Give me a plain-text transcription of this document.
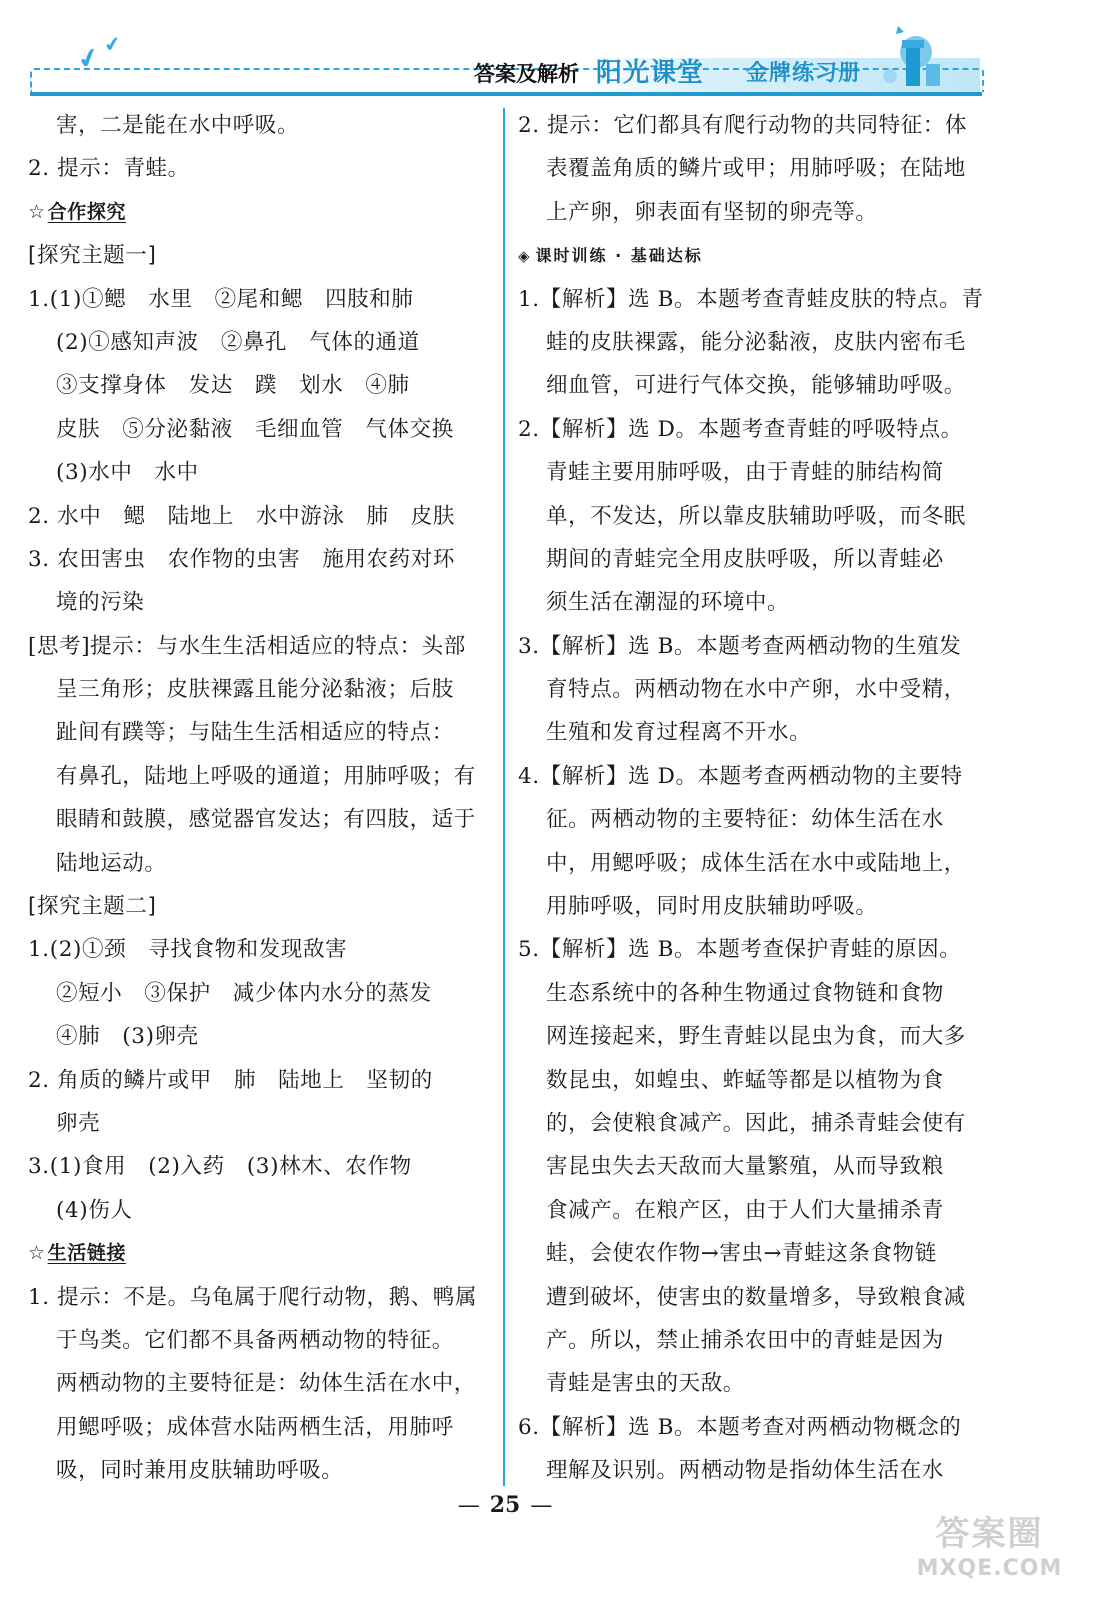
✔
✔
答案及解析 阳光课堂 金牌练习册
害，二是能在水中呼吸。
2. 提示：青蛙。
☆ 合作探究
[探究主题一]
1.(1)①鳃　水里　②尾和鳃　四肢和肺
(2)①感知声波　②鼻孔　气体的通道
③支撑身体　发达　蹼　划水　④肺
皮肤　⑤分泌黏液　毛细血管　气体交换
(3)水中　水中
2. 水中　鳃　陆地上　水中游泳　肺　皮肤
3. 农田害虫　农作物的虫害　施用农药对环
境的污染
[思考]提示：与水生生活相适应的特点：头部
呈三角形；皮肤裸露且能分泌黏液；后肢
趾间有蹼等；与陆生生活相适应的特点：
有鼻孔，陆地上呼吸的通道；用肺呼吸；有
眼睛和鼓膜，感觉器官发达；有四肢，适于
陆地运动。
[探究主题二]
1.(2)①颈　寻找食物和发现敌害
②短小　③保护　减少体内水分的蒸发
④肺　(3)卵壳
2. 角质的鳞片或甲　肺　陆地上　坚韧的
卵壳
3.(1)食用　(2)入药　(3)林木、农作物
(4)伤人
☆ 生活链接
1. 提示：不是。乌龟属于爬行动物，鹅、鸭属
于鸟类。它们都不具备两栖动物的特征。
两栖动物的主要特征是：幼体生活在水中，
用鳃呼吸；成体营水陆两栖生活，用肺呼
吸，同时兼用皮肤辅助呼吸。
2. 提示：它们都具有爬行动物的共同特征：体
表覆盖角质的鳞片或甲；用肺呼吸；在陆地
上产卵，卵表面有坚韧的卵壳等。
◈ 课时训练 · 基础达标
1.【解析】选 B。本题考查青蛙皮肤的特点。青
蛙的皮肤裸露，能分泌黏液，皮肤内密布毛
细血管，可进行气体交换，能够辅助呼吸。
2.【解析】选 D。本题考查青蛙的呼吸特点。
青蛙主要用肺呼吸，由于青蛙的肺结构简
单，不发达，所以靠皮肤辅助呼吸，而冬眠
期间的青蛙完全用皮肤呼吸，所以青蛙必
须生活在潮湿的环境中。
3.【解析】选 B。本题考查两栖动物的生殖发
育特点。两栖动物在水中产卵，水中受精，
生殖和发育过程离不开水。
4.【解析】选 D。本题考查两栖动物的主要特
征。两栖动物的主要特征：幼体生活在水
中，用鳃呼吸；成体生活在水中或陆地上，
用肺呼吸，同时用皮肤辅助呼吸。
5.【解析】选 B。本题考查保护青蛙的原因。
生态系统中的各种生物通过食物链和食物
网连接起来，野生青蛙以昆虫为食，而大多
数昆虫，如蝗虫、蚱蜢等都是以植物为食
的，会使粮食减产。因此，捕杀青蛙会使有
害昆虫失去天敌而大量繁殖，从而导致粮
食减产。在粮产区，由于人们大量捕杀青
蛙，会使农作物→害虫→青蛙这条食物链
遭到破坏，使害虫的数量增多，导致粮食减
产。所以，禁止捕杀农田中的青蛙是因为
青蛙是害虫的天敌。
6.【解析】选 B。本题考查对两栖动物概念的
理解及识别。两栖动物是指幼体生活在水
— 25 —
答案圈
MXQE.COM
